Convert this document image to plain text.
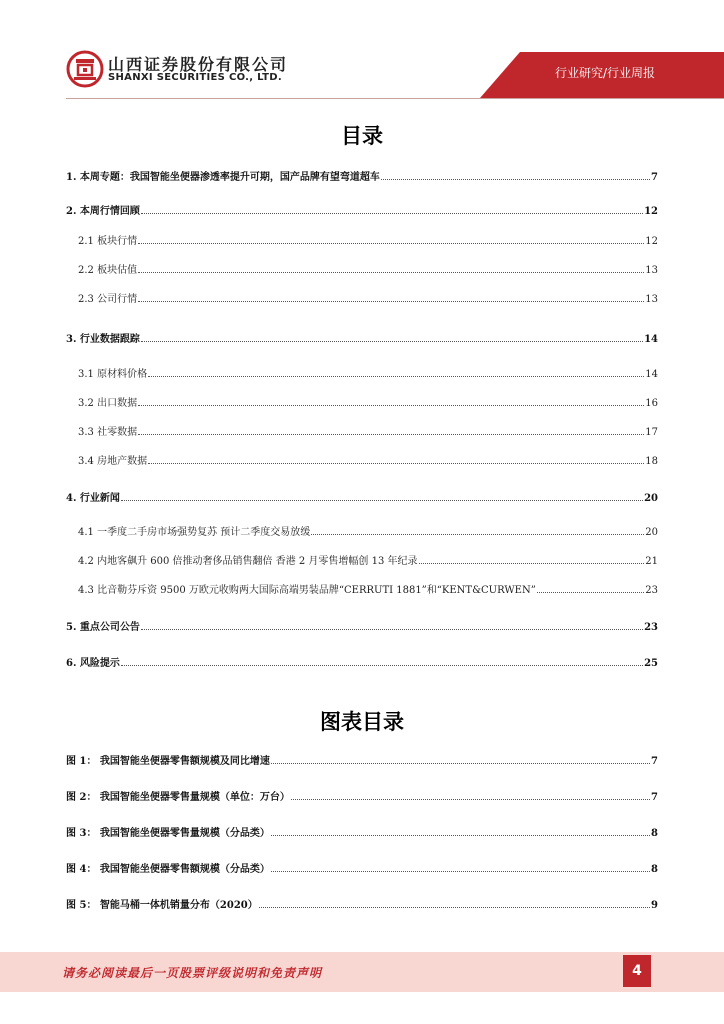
山西证券股份有限公司
SHANXI SECURITIES CO., LTD.	行业研究/行业周报
目录
1. 本周专题：我国智能坐便器渗透率提升可期，国产品牌有望弯道超车	7
2. 本周行情回顾	12
2.1 板块行情	12
2.2 板块估值	13
2.3 公司行情	13
3. 行业数据跟踪	14
3.1 原材料价格	14
3.2 出口数据	16
3.3 社零数据	17
3.4 房地产数据	18
4. 行业新闻	20
4.1 一季度二手房市场强势复苏 预计二季度交易放缓	20
4.2 内地客飙升 600 倍推动奢侈品销售翻倍 香港 2 月零售增幅创 13 年纪录	21
4.3 比音勒芬斥资 9500 万欧元收购两大国际高端男装品牌“CERRUTI 1881”和“KENT&CURWEN”	23
5. 重点公司公告	23
6. 风险提示	25
图表目录
图 1： 我国智能坐便器零售额规模及同比增速	7
图 2： 我国智能坐便器零售量规模（单位：万台）	7
图 3： 我国智能坐便器零售量规模（分品类）	8
图 4： 我国智能坐便器零售额规模（分品类）	8
图 5： 智能马桶一体机销量分布（2020）	9
请务必阅读最后一页股票评级说明和免责声明	4
